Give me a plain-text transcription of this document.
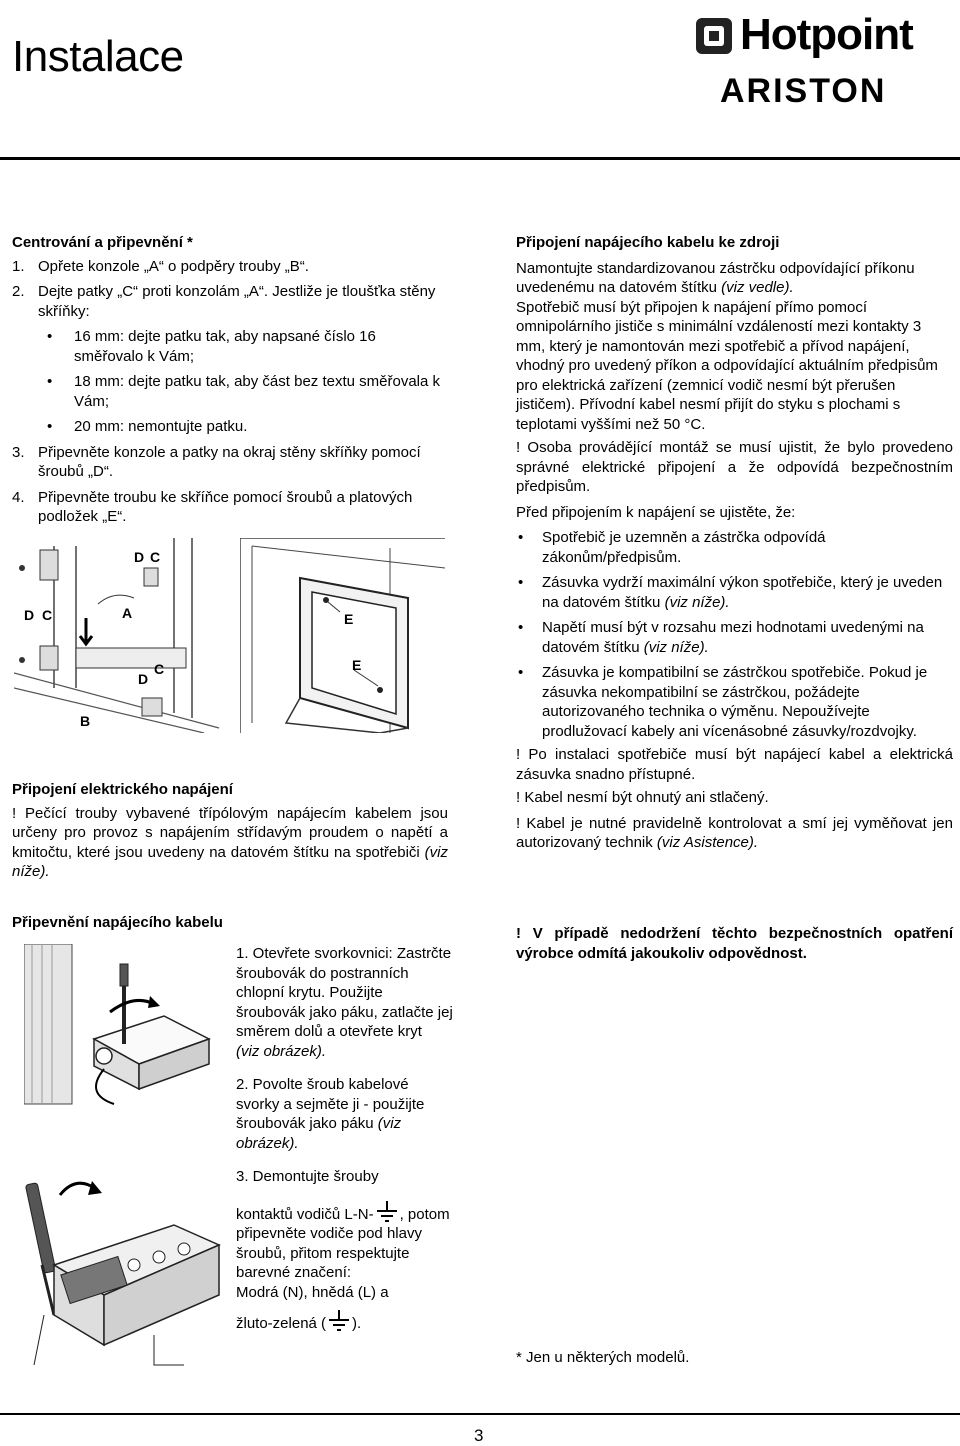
Instalace	Hotpoint
ARISTON

Centrování a připevnění *

1. Opřete konzole „A“ o podpěry trouby „B“.
2. Dejte patky „C“ proti konzolám „A“. Jestliže je tloušťka stěny skříňky:
• 16 mm: dejte patku tak, aby napsané číslo 16 směřovalo k Vám;
• 18 mm: dejte patku tak, aby část bez textu směřovala k Vám;
• 20 mm: nemontujte patku.
3. Připevněte konzole a patky na okraj stěny skříňky pomocí šroubů „D“.
4. Připevněte troubu ke skříňce pomocí šroubů a platových podložek „E“.
D C
D C	A
C
D
B
E
E

Připojení elektrického napájení

! Pečící trouby vybavené třípólovým napájecím kabelem jsou určeny pro provoz s napájením střídavým proudem o napětí a kmitočtu, které jsou uvedeny na datovém štítku na spotřebiči (viz níže).

Připevnění napájecího kabelu

1. Otevřete svorkovnici: Zastrčte šroubovák do postranních chlopní krytu. Použijte šroubovák jako páku, zatlačte jej směrem dolů a otevřete kryt

(viz obrázek).

2. Povolte šroub kabelové svorky a sejměte ji - použijte šroubovák jako páku (viz obrázek).

3. Demontujte šrouby

kontaktů vodičů L-N- , potom připevněte vodiče pod hlavy šroubů, přitom respektujte barevné značení:

Modrá (N), hnědá (L) a

žluto-zelená ( ).

Připojení napájecího kabelu ke zdroji

Namontujte standardizovanou zástrčku odpovídající příkonu uvedenému na datovém štítku (viz vedle).

Spotřebič musí být připojen k napájení přímo pomocí omnipolárního jističe s minimální vzdáleností mezi kontakty 3 mm, který je namontován mezi spotřebič a přívod napájení, vhodný pro uvedený příkon a odpovídající aktuálním předpisům pro elektrická zařízení (zemnicí vodič nesmí být přerušen jističem). Přívodní kabel nesmí přijít do styku s plochami s teplotami vyššími než 50 °C.

! Osoba provádějící montáž se musí ujistit, že bylo provedeno správné elektrické připojení a že odpovídá bezpečnostním předpisům.

Před připojením k napájení se ujistěte, že:

• Spotřebič je uzemněn a zástrčka odpovídá zákonům/předpisům.
• Zásuvka vydrží maximální výkon spotřebiče, který je uveden na datovém štítku (viz níže).
• Napětí musí být v rozsahu mezi hodnotami uvedenými na datovém štítku (viz níže).
• Zásuvka je kompatibilní se zástrčkou spotřebiče. Pokud je zásuvka nekompatibilní se zástrčkou, požádejte autorizovaného technika o výměnu. Nepoužívejte prodlužovací kabely ani vícenásobné zásuvky/rozdvojky.

! Po instalaci spotřebiče musí být napájecí kabel a elektrická zásuvka snadno přístupné.

! Kabel nesmí být ohnutý ani stlačený.

! Kabel je nutné pravidelně kontrolovat a smí jej vyměňovat jen autorizovaný technik (viz Asistence).

! V případě nedodržení těchto bezpečnostních opatření výrobce odmítá jakoukoliv odpovědnost.

* Jen u některých modelů.

3
